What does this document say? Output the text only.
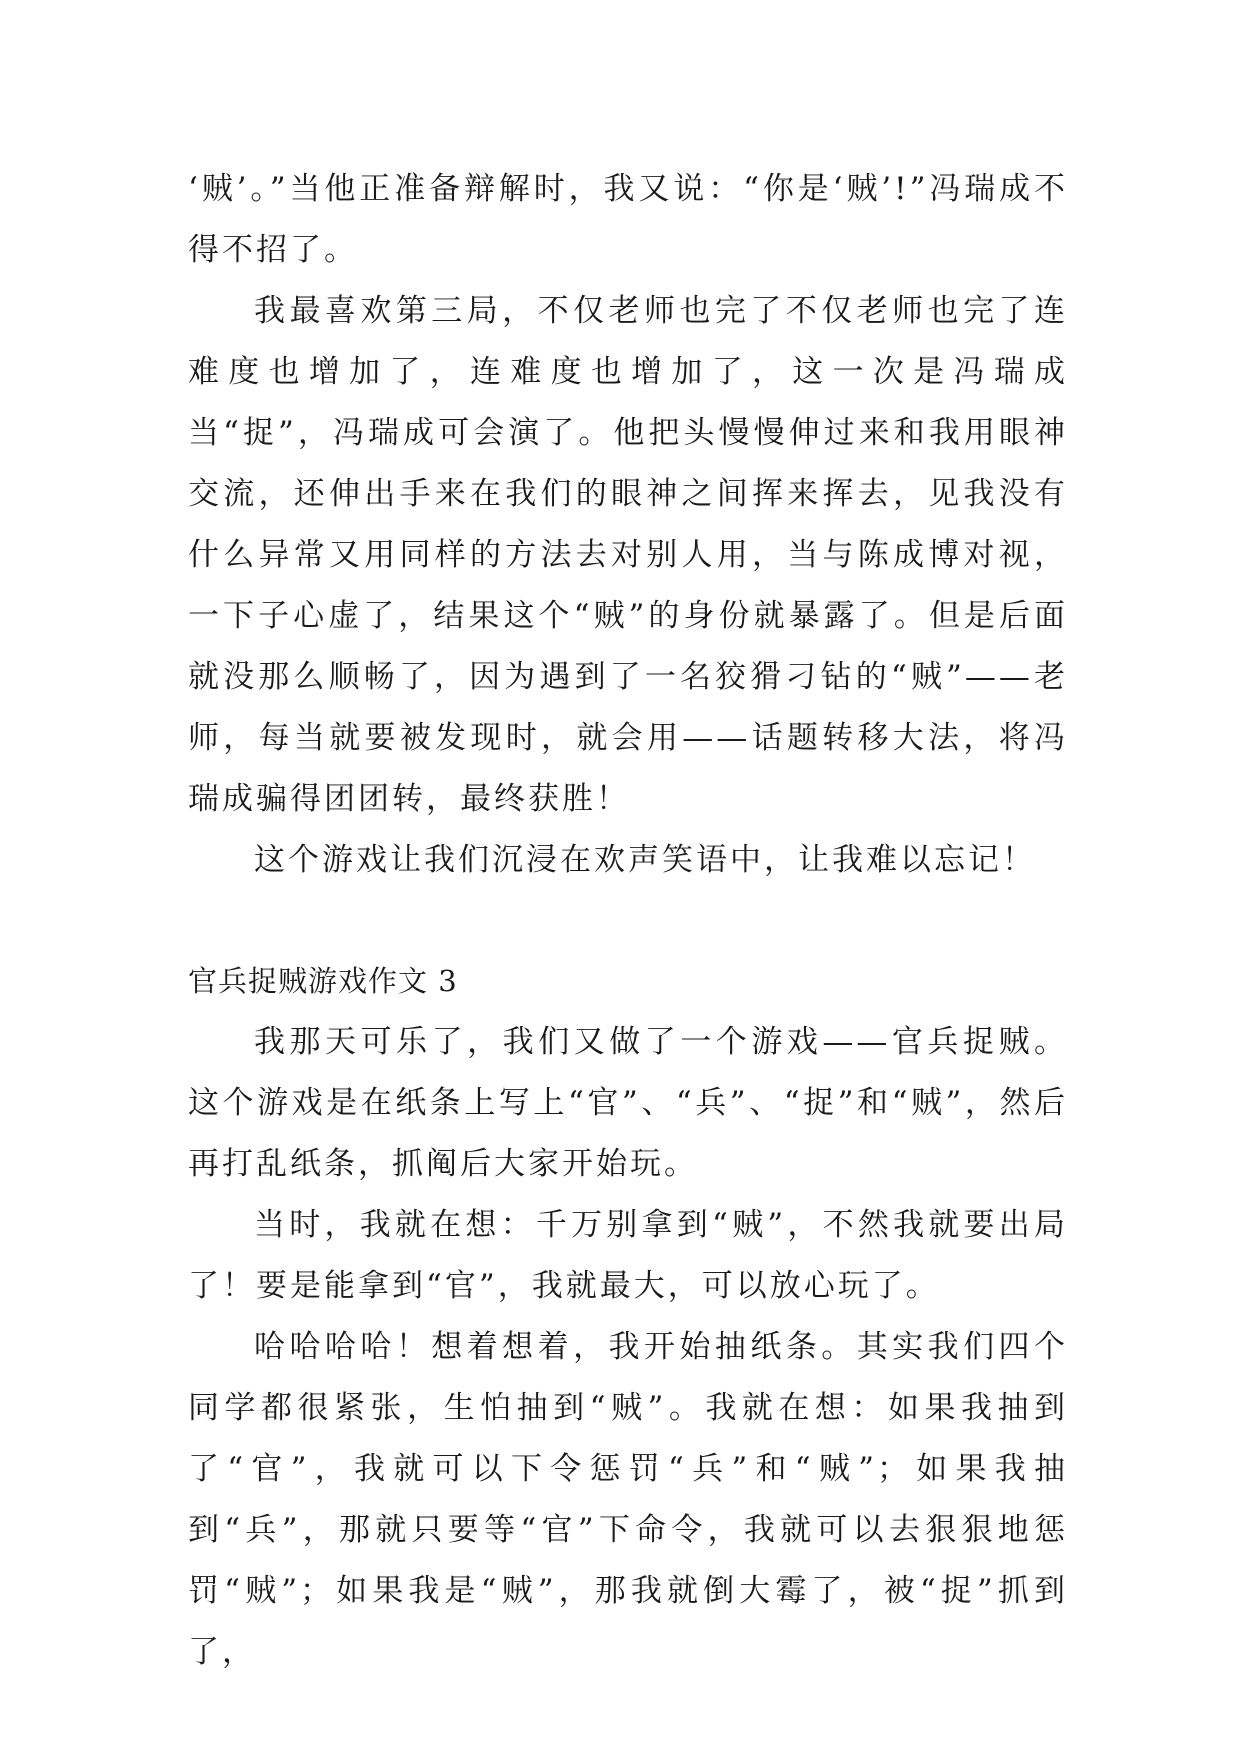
‘贼’。”当他正准备辩解时，我又说：“你是‘贼’!”冯瑞成不得不招了。

我最喜欢第三局，不仅老师也完了不仅老师也完了连难度也增加了，连难度也增加了，这一次是冯瑞成当“捉”，冯瑞成可会演了。他把头慢慢伸过来和我用眼神交流，还伸出手来在我们的眼神之间挥来挥去，见我没有什么异常又用同样的方法去对别人用，当与陈成博对视，一下子心虚了，结果这个“贼”的身份就暴露了。但是后面就没那么顺畅了，因为遇到了一名狡猾刁钻的“贼”——老师，每当就要被发现时，就会用——话题转移大法，将冯瑞成骗得团团转，最终获胜！

这个游戏让我们沉浸在欢声笑语中，让我难以忘记！

官兵捉贼游戏作文 3

我那天可乐了，我们又做了一个游戏——官兵捉贼。这个游戏是在纸条上写上“官”、“兵”、“捉”和“贼”，然后再打乱纸条，抓阄后大家开始玩。

当时，我就在想：千万别拿到“贼”，不然我就要出局了！要是能拿到“官”，我就最大，可以放心玩了。

哈哈哈哈！想着想着，我开始抽纸条。其实我们四个同学都很紧张，生怕抽到“贼”。我就在想：如果我抽到了“官”，我就可以下令惩罚“兵”和“贼”；如果我抽到“兵”，那就只要等“官”下命令，我就可以去狠狠地惩罚“贼”；如果我是“贼”，那我就倒大霉了，被“捉”抓到了，
